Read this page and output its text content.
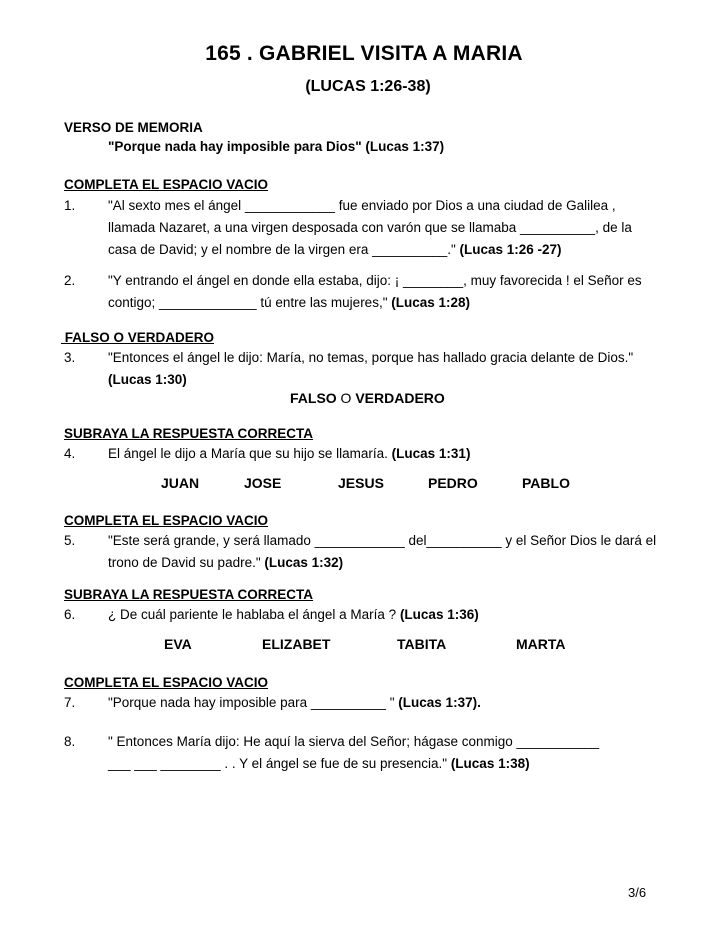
165 . GABRIEL VISITA A MARIA
(LUCAS 1:26-38)
VERSO DE MEMORIA
"Porque nada hay imposible para Dios" (Lucas 1:37)
COMPLETA EL ESPACIO VACIO
1. "Al sexto mes el ángel ____________ fue enviado por Dios a una ciudad de Galilea ,
llamada Nazaret, a una virgen desposada con varón que se llamaba __________, de la
casa de David; y el nombre de la virgen era __________." (Lucas 1:26 -27)
2. "Y entrando el ángel en donde ella estaba, dijo: ¡ ________, muy favorecida ! el Señor es
contigo; _____________ tú entre las mujeres," (Lucas 1:28)
FALSO O VERDADERO
3. "Entonces el ángel le dijo: María, no temas, porque has hallado gracia delante de Dios."
(Lucas 1:30)
FALSO O VERDADERO
SUBRAYA LA RESPUESTA CORRECTA
4. El ángel le dijo a María que su hijo se llamaría. (Lucas 1:31)
JUAN	JOSE	JESUS	PEDRO	PABLO
COMPLETA EL ESPACIO VACIO
5. "Este será grande, y será llamado ____________ del__________ y el Señor Dios le dará el
trono de David su padre." (Lucas 1:32)
SUBRAYA LA RESPUESTA CORRECTA
6. ¿ De cuál pariente le hablaba el ángel a María ? (Lucas 1:36)
EVA	ELIZABET	TABITA	MARTA
COMPLETA EL ESPACIO VACIO
7. "Porque nada hay imposible para __________ " (Lucas 1:37).
8. " Entonces María dijo: He aquí la sierva del Señor; hágase conmigo ___________
___ ___ ________ . . Y el ángel se fue de su presencia." (Lucas 1:38)
3/6
